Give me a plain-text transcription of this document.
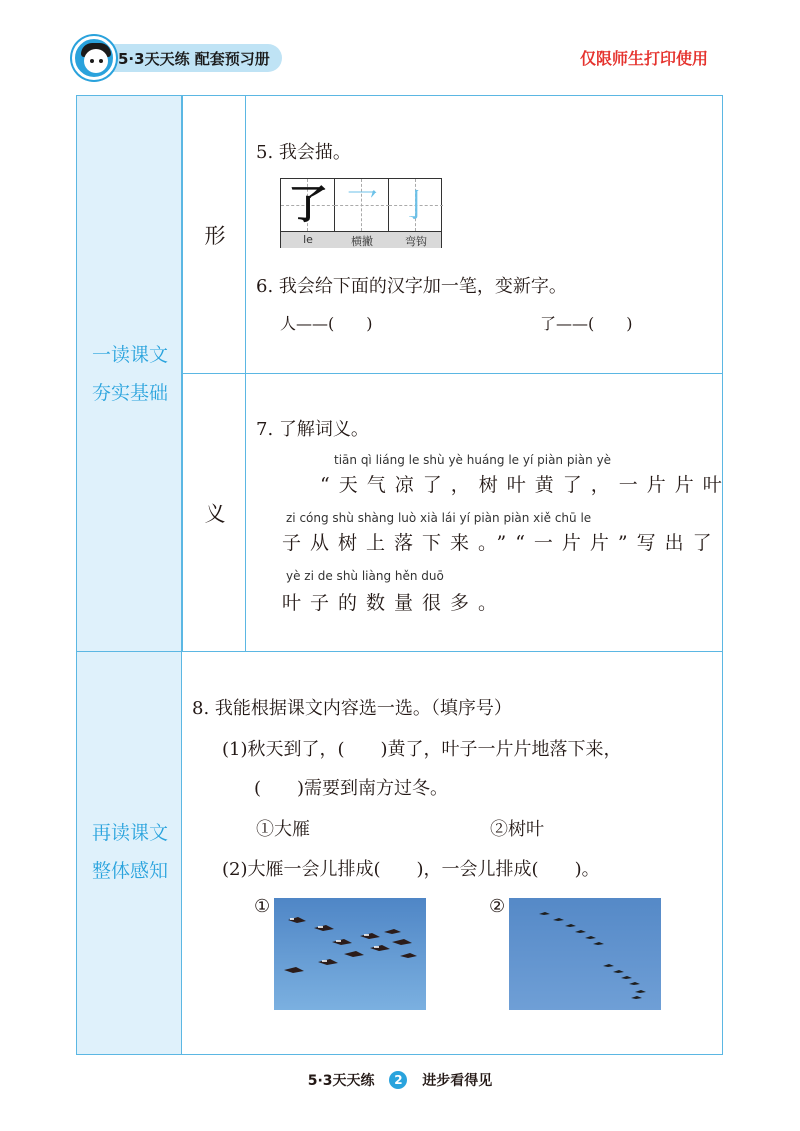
5·3天天练 配套预习册	仅限师生打印使用
一读课文
夯实基础
再读课文
整体感知
形
义
5. 我会描。
了 乛 亅
le	横撇	弯钩
6. 我会给下面的汉字加一笔，变新字。
人——(　　)	了——(　　)
7. 了解词义。
tiān qì liáng le shù yè huáng le yí piàn piàn yè
“天气凉了，树叶黄了，一片片叶
zi cóng shù shàng luò xià lái yí piàn piàn xiě chū le
子从树上落下来。”“一片片”写出了
yè zi de shù liàng hěn duō
叶子的数量很多。
8. 我能根据课文内容选一选。（填序号）
(1)秋天到了，(　　)黄了，叶子一片片地落下来，
(　　)需要到南方过冬。
①大雁	②树叶
(2)大雁一会儿排成(　　)，一会儿排成(　　)。
①	②
5·3天天练 2 进步看得见
